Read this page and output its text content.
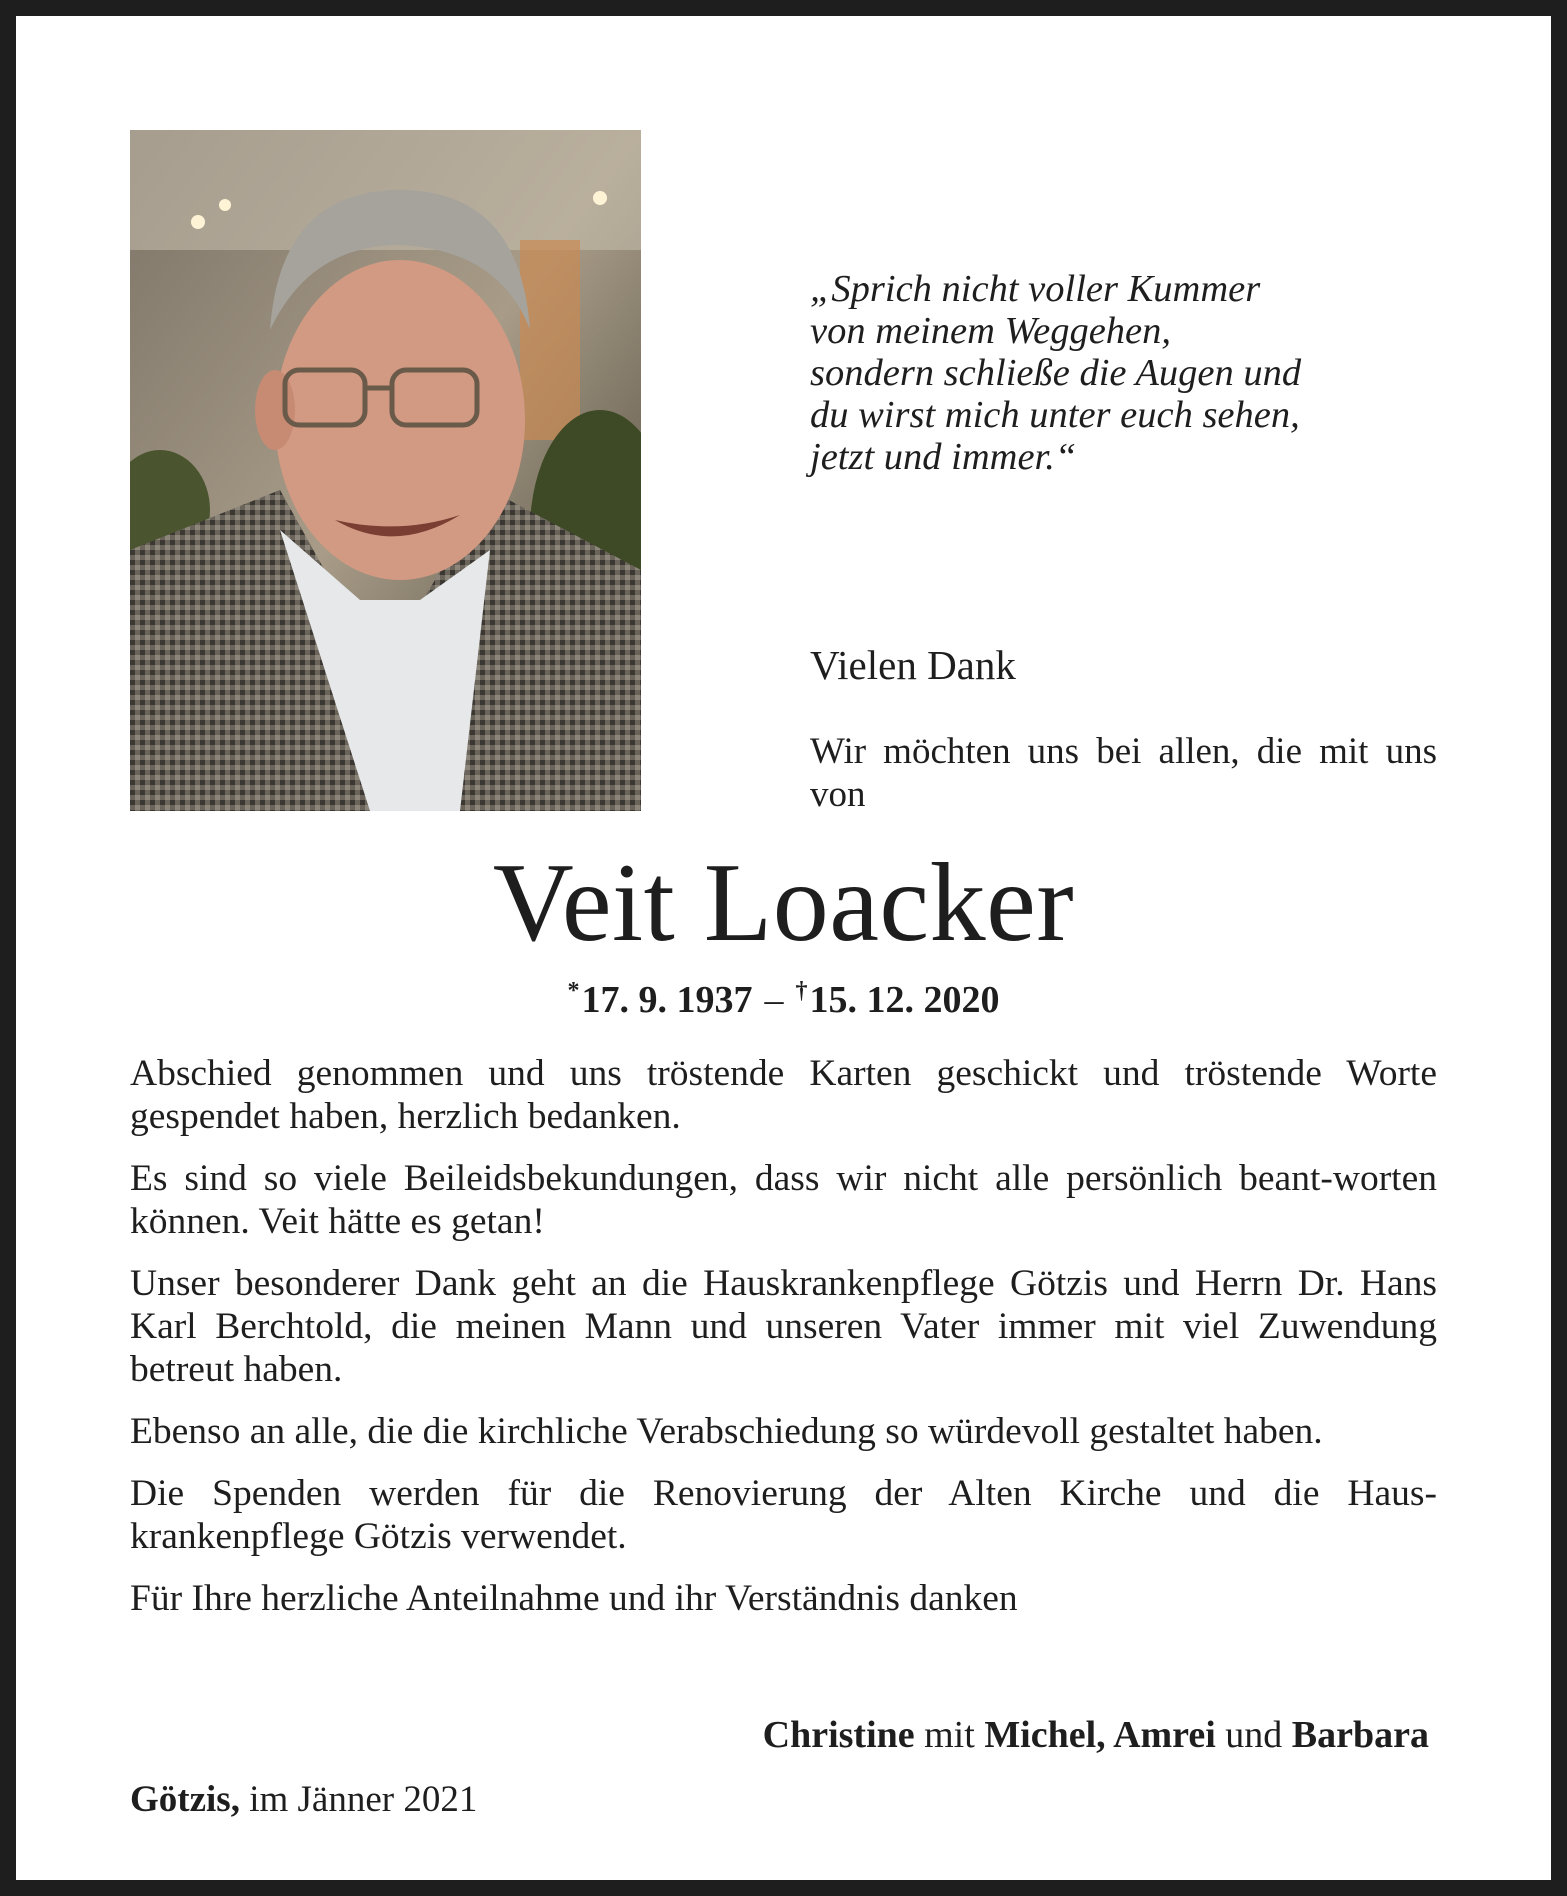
„Sprich nicht voller Kummer
von meinem Weggehen,
sondern schließe die Augen und
du wirst mich unter euch sehen,
jetzt und immer.“
Vielen Dank
Wir möchten uns bei allen, die mit uns von
Veit Loacker
*17. 9. 1937 – †15. 12. 2020

Abschied genommen und uns tröstende Karten geschickt und tröstende Worte gespendet haben, herzlich bedanken.

Es sind so viele Beileidsbekundungen, dass wir nicht alle persönlich beant-worten können. Veit hätte es getan!

Unser besonderer Dank geht an die Hauskrankenpflege Götzis und Herrn Dr. Hans Karl Berchtold, die meinen Mann und unseren Vater immer mit viel Zuwendung betreut haben.

Ebenso an alle, die die kirchliche Verabschiedung so würdevoll gestaltet haben.

Die Spenden werden für die Renovierung der Alten Kirche und die Haus-krankenpflege Götzis verwendet.

Für Ihre herzliche Anteilnahme und ihr Verständnis danken

Christine mit Michel, Amrei und Barbara
Götzis, im Jänner 2021
